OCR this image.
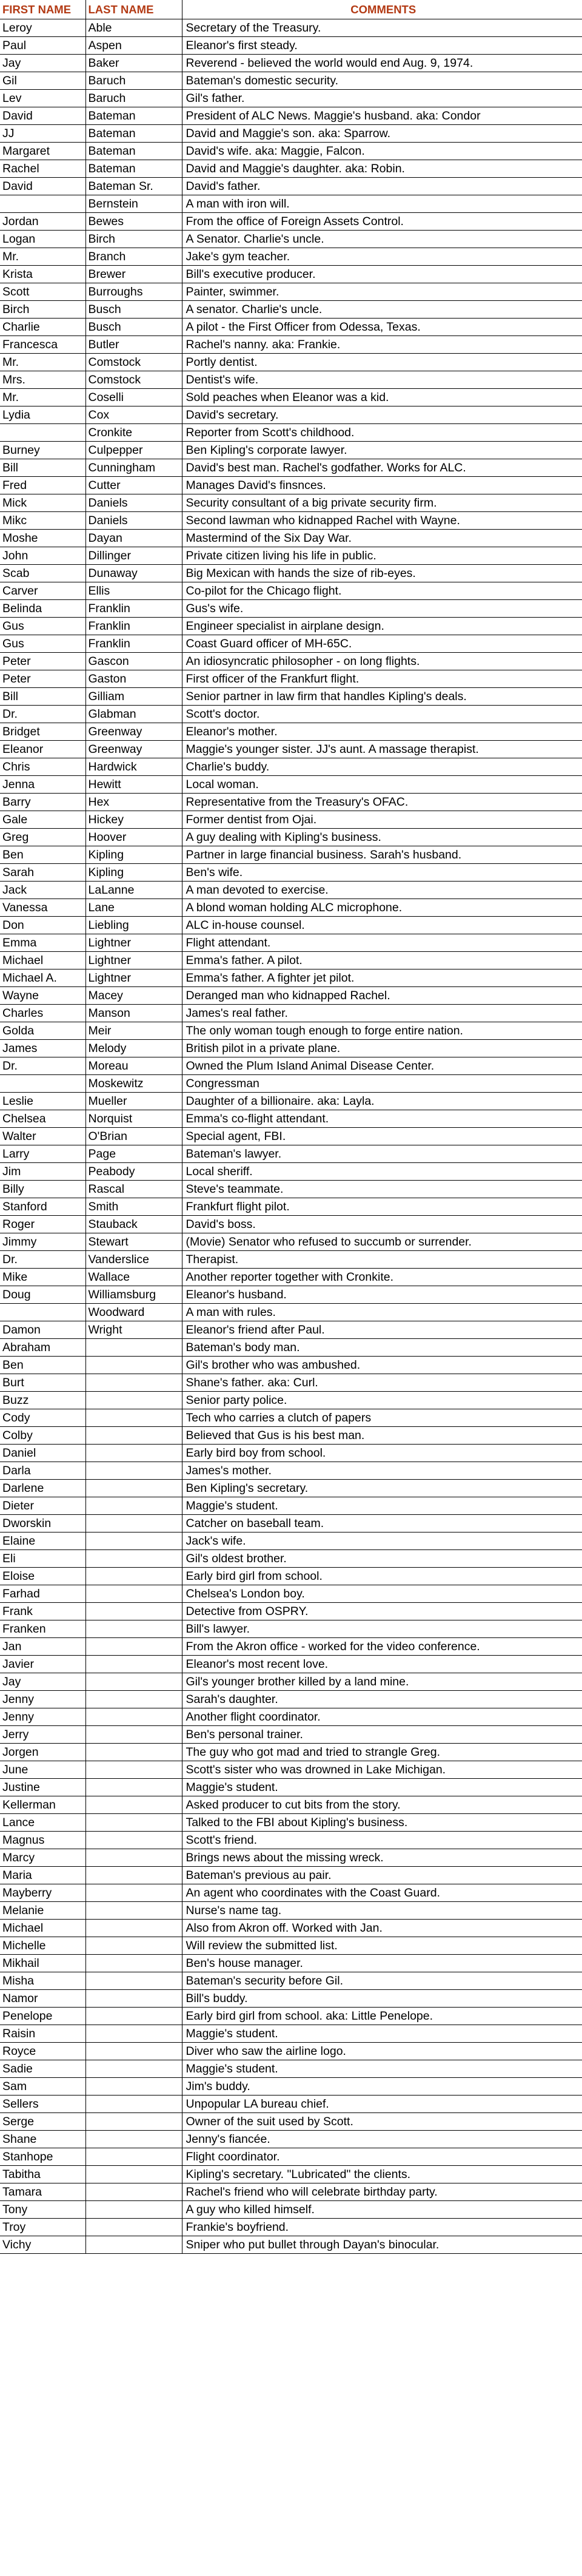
FIRST NAME	LAST NAME	COMMENTS
Leroy	Able	Secretary of the Treasury.
Paul	Aspen	Eleanor's first steady.
Jay	Baker	Reverend - believed the world would end Aug. 9, 1974.
Gil	Baruch	Bateman's domestic security.
Lev	Baruch	Gil's father.
David	Bateman	President of ALC News. Maggie's husband. aka: Condor
JJ	Bateman	David and Maggie's son. aka: Sparrow.
Margaret	Bateman	David's wife. aka: Maggie, Falcon.
Rachel	Bateman	David and Maggie's daughter. aka: Robin.
David	Bateman Sr.	David's father.
	Bernstein	A man with iron will.
Jordan	Bewes	From the office of Foreign Assets Control.
Logan	Birch	A Senator. Charlie's uncle.
Mr.	Branch	Jake's gym teacher.
Krista	Brewer	Bill's executive producer.
Scott	Burroughs	Painter, swimmer.
Birch	Busch	A senator. Charlie's uncle.
Charlie	Busch	A pilot - the First Officer from Odessa, Texas.
Francesca	Butler	Rachel's nanny. aka: Frankie.
Mr.	Comstock	Portly dentist.
Mrs.	Comstock	Dentist's wife.
Mr.	Coselli	Sold peaches when Eleanor was a kid.
Lydia	Cox	David's secretary.
	Cronkite	Reporter from Scott's childhood.
Burney	Culpepper	Ben Kipling's corporate lawyer.
Bill	Cunningham	David's best man. Rachel's godfather. Works for ALC.
Fred	Cutter	Manages David's finsnces.
Mick	Daniels	Security consultant of a big private security firm.
Mikc	Daniels	Second lawman who kidnapped Rachel with Wayne.
Moshe	Dayan	Mastermind of the Six Day War.
John	Dillinger	Private citizen living his life in public.
Scab	Dunaway	Big Mexican with hands the size of rib-eyes.
Carver	Ellis	Co-pilot for the Chicago flight.
Belinda	Franklin	Gus's wife.
Gus	Franklin	Engineer specialist in airplane design.
Gus	Franklin	Coast Guard officer of MH-65C.
Peter	Gascon	An idiosyncratic philosopher - on long flights.
Peter	Gaston	First officer of the Frankfurt flight.
Bill	Gilliam	Senior partner in law firm that handles Kipling's deals.
Dr.	Glabman	Scott's doctor.
Bridget	Greenway	Eleanor's mother.
Eleanor	Greenway	Maggie's younger sister. JJ's aunt. A massage therapist.
Chris	Hardwick	Charlie's buddy.
Jenna	Hewitt	Local woman.
Barry	Hex	Representative from the Treasury's OFAC.
Gale	Hickey	Former dentist from Ojai.
Greg	Hoover	A guy dealing with Kipling's business.
Ben	Kipling	Partner in large financial business. Sarah's husband.
Sarah	Kipling	Ben's wife.
Jack	LaLanne	A man devoted to exercise.
Vanessa	Lane	A blond woman holding ALC microphone.
Don	Liebling	ALC in-house counsel.
Emma	Lightner	Flight attendant.
Michael	Lightner	Emma's father. A pilot.
Michael A.	Lightner	Emma's father. A fighter jet pilot.
Wayne	Macey	Deranged man who kidnapped Rachel.
Charles	Manson	James's real father.
Golda	Meir	The only woman tough enough to forge entire nation.
James	Melody	British pilot in a private plane.
Dr.	Moreau	Owned the Plum Island Animal Disease Center.
	Moskewitz	Congressman
Leslie	Mueller	Daughter of a billionaire. aka: Layla.
Chelsea	Norquist	Emma's co-flight attendant.
Walter	O'Brian	Special agent, FBI.
Larry	Page	Bateman's lawyer.
Jim	Peabody	Local sheriff.
Billy	Rascal	Steve's teammate.
Stanford	Smith	Frankfurt flight pilot.
Roger	Stauback	David's boss.
Jimmy	Stewart	(Movie) Senator who refused to succumb or surrender.
Dr.	Vanderslice	Therapist.
Mike	Wallace	Another reporter together with Cronkite.
Doug	Williamsburg	Eleanor's husband.
	Woodward	A man with rules.
Damon	Wright	Eleanor's friend after Paul.
Abraham		Bateman's body man.
Ben		Gil's brother who was ambushed.
Burt		Shane's father. aka: Curl.
Buzz		Senior party police.
Cody		Tech who carries a clutch of papers
Colby		Believed that Gus is his best man.
Daniel		Early bird boy from school.
Darla		James's mother.
Darlene		Ben Kipling's secretary.
Dieter		Maggie's student.
Dworskin		Catcher on baseball team.
Elaine		Jack's wife.
Eli		Gil's oldest brother.
Eloise		Early bird girl from school.
Farhad		Chelsea's London boy.
Frank		Detective from OSPRY.
Franken		Bill's lawyer.
Jan		From the Akron office - worked for the video conference.
Javier		Eleanor's most recent love.
Jay		Gil's younger brother killed by a land mine.
Jenny		Sarah's daughter.
Jenny		Another flight coordinator.
Jerry		Ben's personal trainer.
Jorgen		The guy who got mad and tried to strangle Greg.
June		Scott's sister who was drowned in Lake Michigan.
Justine		Maggie's student.
Kellerman		Asked producer to cut bits from the story.
Lance		Talked to the FBI about Kipling's business.
Magnus		Scott's friend.
Marcy		Brings news about the missing wreck.
Maria		Bateman's previous au pair.
Mayberry		An agent who coordinates with the Coast Guard.
Melanie		Nurse's name tag.
Michael		Also from Akron off. Worked with Jan.
Michelle		Will review the submitted list.
Mikhail		Ben's house manager.
Misha		Bateman's security before Gil.
Namor		Bill's buddy.
Penelope		Early bird girl from school. aka: Little Penelope.
Raisin		Maggie's student.
Royce		Diver who saw the airline logo.
Sadie		Maggie's student.
Sam		Jim's buddy.
Sellers		Unpopular LA bureau chief.
Serge		Owner of the suit used by Scott.
Shane		Jenny's fiancée.
Stanhope		Flight coordinator.
Tabitha		Kipling's secretary. "Lubricated" the clients.
Tamara		Rachel's friend who will celebrate birthday party.
Tony		A guy who killed himself.
Troy		Frankie's boyfriend.
Vichy		Sniper who put bullet through Dayan's binocular.
